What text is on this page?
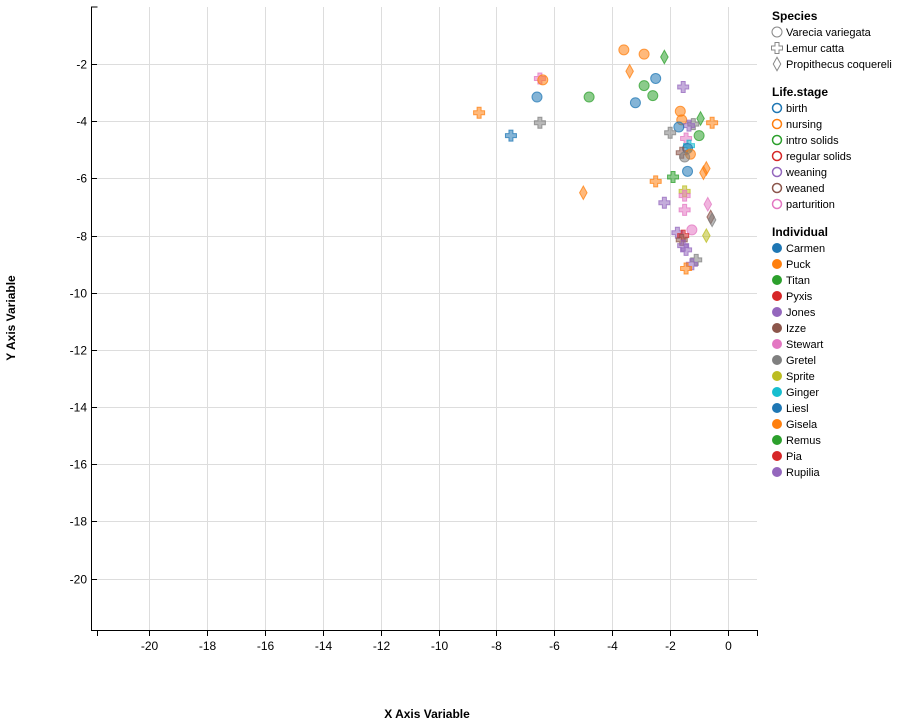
-20	-18	-16	-14	-12	-10	-8	-6	-4	-2	0
-2
-4
-6
-8
-10
-12
-14
-16
-18
-20
X Axis Variable
Y Axis Variable
Species
Varecia variegata
Lemur catta
Propithecus coquereli
Life.stage
birth
nursing
intro solids
regular solids
weaning
weaned
parturition
Individual
Carmen
Puck
Titan
Pyxis
Jones
Izze
Stewart
Gretel
Sprite
Ginger
Liesl
Gisela
Remus
Pia
Rupilia
